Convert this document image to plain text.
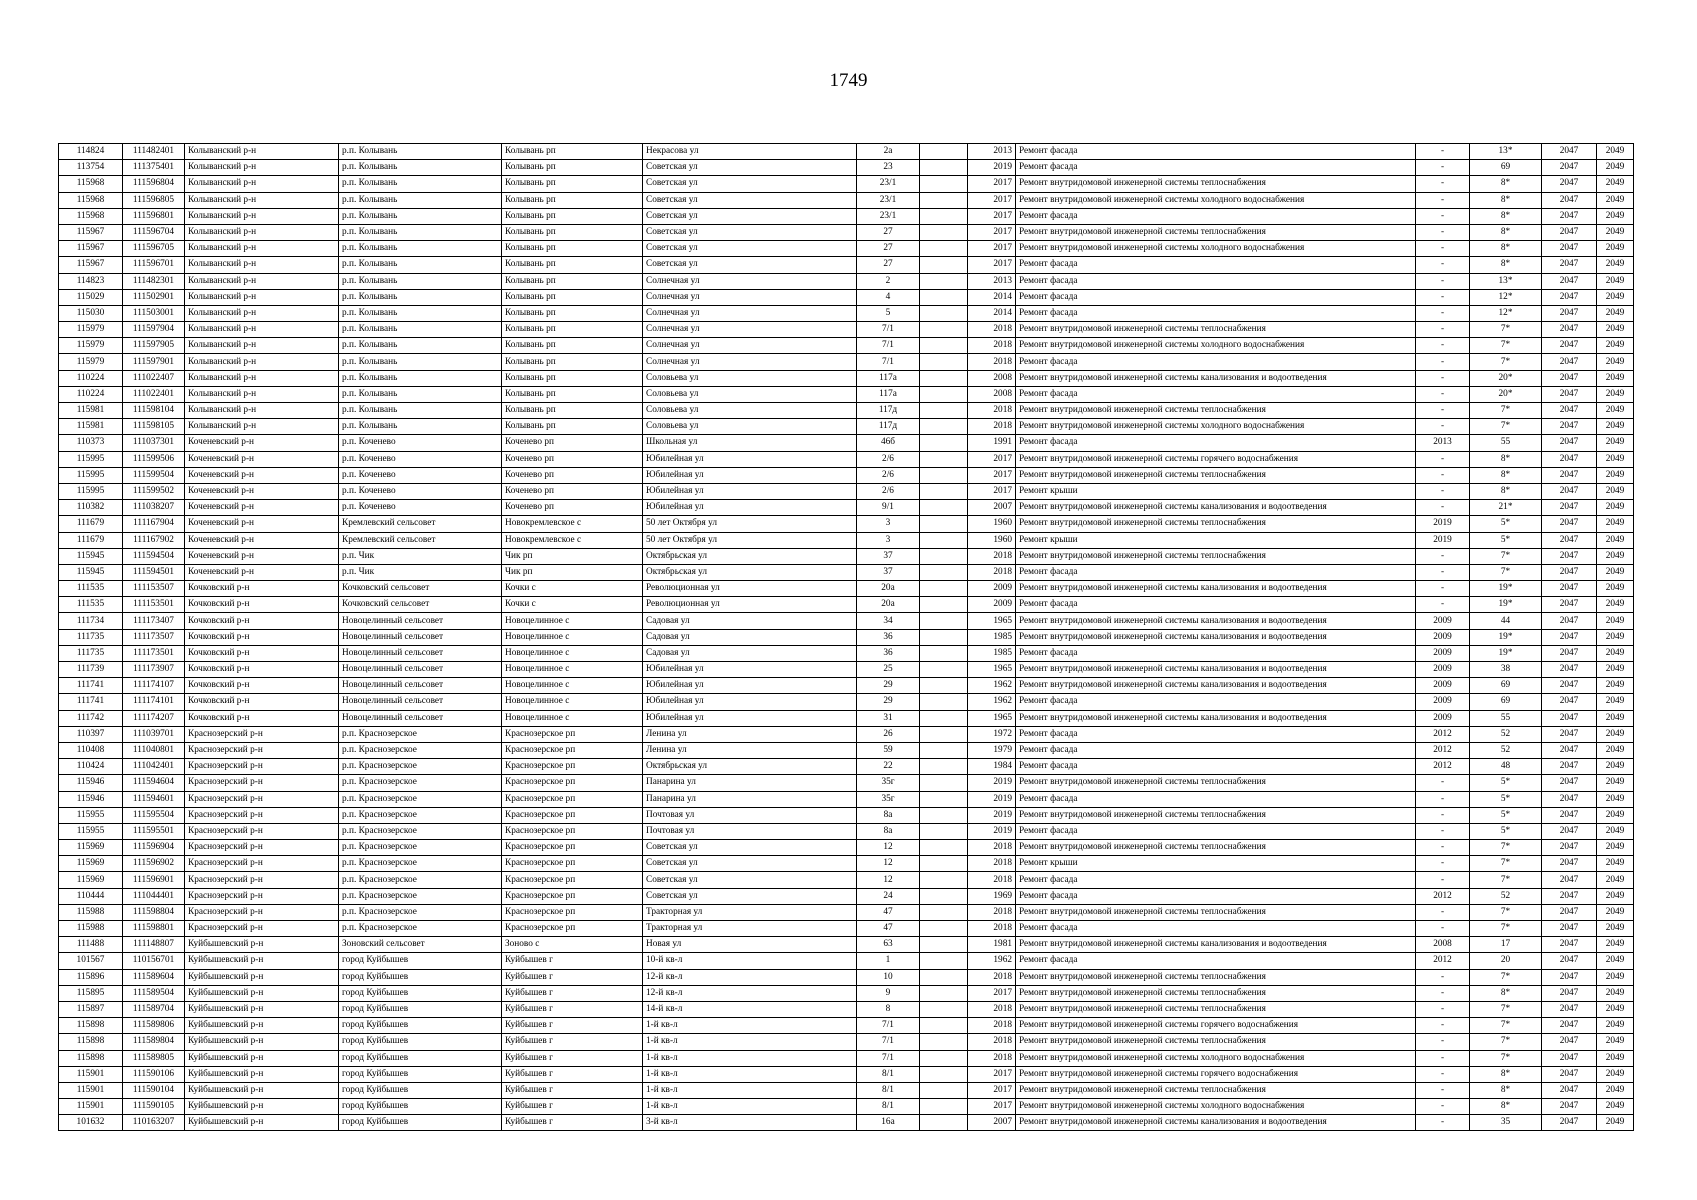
1749
114824	111482401	Колыванский р-н	р.п. Колывань	Колывань рп	Некрасова ул	2а		2013	Ремонт фасада	-	13*	2047	2049
113754	111375401	Колыванский р-н	р.п. Колывань	Колывань рп	Советская ул	23		2019	Ремонт фасада	-	69	2047	2049
115968	111596804	Колыванский р-н	р.п. Колывань	Колывань рп	Советская ул	23/1		2017	Ремонт внутридомовой инженерной системы теплоснабжения	-	8*	2047	2049
115968	111596805	Колыванский р-н	р.п. Колывань	Колывань рп	Советская ул	23/1		2017	Ремонт внутридомовой инженерной системы холодного водоснабжения	-	8*	2047	2049
115968	111596801	Колыванский р-н	р.п. Колывань	Колывань рп	Советская ул	23/1		2017	Ремонт фасада	-	8*	2047	2049
115967	111596704	Колыванский р-н	р.п. Колывань	Колывань рп	Советская ул	27		2017	Ремонт внутридомовой инженерной системы теплоснабжения	-	8*	2047	2049
115967	111596705	Колыванский р-н	р.п. Колывань	Колывань рп	Советская ул	27		2017	Ремонт внутридомовой инженерной системы холодного водоснабжения	-	8*	2047	2049
115967	111596701	Колыванский р-н	р.п. Колывань	Колывань рп	Советская ул	27		2017	Ремонт фасада	-	8*	2047	2049
114823	111482301	Колыванский р-н	р.п. Колывань	Колывань рп	Солнечная ул	2		2013	Ремонт фасада	-	13*	2047	2049
115029	111502901	Колыванский р-н	р.п. Колывань	Колывань рп	Солнечная ул	4		2014	Ремонт фасада	-	12*	2047	2049
115030	111503001	Колыванский р-н	р.п. Колывань	Колывань рп	Солнечная ул	5		2014	Ремонт фасада	-	12*	2047	2049
115979	111597904	Колыванский р-н	р.п. Колывань	Колывань рп	Солнечная ул	7/1		2018	Ремонт внутридомовой инженерной системы теплоснабжения	-	7*	2047	2049
115979	111597905	Колыванский р-н	р.п. Колывань	Колывань рп	Солнечная ул	7/1		2018	Ремонт внутридомовой инженерной системы холодного водоснабжения	-	7*	2047	2049
115979	111597901	Колыванский р-н	р.п. Колывань	Колывань рп	Солнечная ул	7/1		2018	Ремонт фасада	-	7*	2047	2049
110224	111022407	Колыванский р-н	р.п. Колывань	Колывань рп	Соловьева ул	117а		2008	Ремонт внутридомовой инженерной системы канализования и водоотведения	-	20*	2047	2049
110224	111022401	Колыванский р-н	р.п. Колывань	Колывань рп	Соловьева ул	117а		2008	Ремонт фасада	-	20*	2047	2049
115981	111598104	Колыванский р-н	р.п. Колывань	Колывань рп	Соловьева ул	117д		2018	Ремонт внутридомовой инженерной системы теплоснабжения	-	7*	2047	2049
115981	111598105	Колыванский р-н	р.п. Колывань	Колывань рп	Соловьева ул	117д		2018	Ремонт внутридомовой инженерной системы холодного водоснабжения	-	7*	2047	2049
110373	111037301	Коченевский р-н	р.п. Коченево	Коченево рп	Школьная ул	46б		1991	Ремонт фасада	2013	55	2047	2049
115995	111599506	Коченевский р-н	р.п. Коченево	Коченево рп	Юбилейная ул	2/6		2017	Ремонт внутридомовой инженерной системы горячего водоснабжения	-	8*	2047	2049
115995	111599504	Коченевский р-н	р.п. Коченево	Коченево рп	Юбилейная ул	2/6		2017	Ремонт внутридомовой инженерной системы теплоснабжения	-	8*	2047	2049
115995	111599502	Коченевский р-н	р.п. Коченево	Коченево рп	Юбилейная ул	2/6		2017	Ремонт крыши	-	8*	2047	2049
110382	111038207	Коченевский р-н	р.п. Коченево	Коченево рп	Юбилейная ул	9/1		2007	Ремонт внутридомовой инженерной системы канализования и водоотведения	-	21*	2047	2049
111679	111167904	Коченевский р-н	Кремлевский сельсовет	Новокремлевское с	50 лет Октября ул	3		1960	Ремонт внутридомовой инженерной системы теплоснабжения	2019	5*	2047	2049
111679	111167902	Коченевский р-н	Кремлевский сельсовет	Новокремлевское с	50 лет Октября ул	3		1960	Ремонт крыши	2019	5*	2047	2049
115945	111594504	Коченевский р-н	р.п. Чик	Чик рп	Октябрьская ул	37		2018	Ремонт внутридомовой инженерной системы теплоснабжения	-	7*	2047	2049
115945	111594501	Коченевский р-н	р.п. Чик	Чик рп	Октябрьская ул	37		2018	Ремонт фасада	-	7*	2047	2049
111535	111153507	Кочковский р-н	Кочковский сельсовет	Кочки с	Революционная ул	20а		2009	Ремонт внутридомовой инженерной системы канализования и водоотведения	-	19*	2047	2049
111535	111153501	Кочковский р-н	Кочковский сельсовет	Кочки с	Революционная ул	20а		2009	Ремонт фасада	-	19*	2047	2049
111734	111173407	Кочковский р-н	Новоцелинный сельсовет	Новоцелинное с	Садовая ул	34		1965	Ремонт внутридомовой инженерной системы канализования и водоотведения	2009	44	2047	2049
111735	111173507	Кочковский р-н	Новоцелинный сельсовет	Новоцелинное с	Садовая ул	36		1985	Ремонт внутридомовой инженерной системы канализования и водоотведения	2009	19*	2047	2049
111735	111173501	Кочковский р-н	Новоцелинный сельсовет	Новоцелинное с	Садовая ул	36		1985	Ремонт фасада	2009	19*	2047	2049
111739	111173907	Кочковский р-н	Новоцелинный сельсовет	Новоцелинное с	Юбилейная ул	25		1965	Ремонт внутридомовой инженерной системы канализования и водоотведения	2009	38	2047	2049
111741	111174107	Кочковский р-н	Новоцелинный сельсовет	Новоцелинное с	Юбилейная ул	29		1962	Ремонт внутридомовой инженерной системы канализования и водоотведения	2009	69	2047	2049
111741	111174101	Кочковский р-н	Новоцелинный сельсовет	Новоцелинное с	Юбилейная ул	29		1962	Ремонт фасада	2009	69	2047	2049
111742	111174207	Кочковский р-н	Новоцелинный сельсовет	Новоцелинное с	Юбилейная ул	31		1965	Ремонт внутридомовой инженерной системы канализования и водоотведения	2009	55	2047	2049
110397	111039701	Краснозерский р-н	р.п. Краснозерское	Краснозерское рп	Ленина ул	26		1972	Ремонт фасада	2012	52	2047	2049
110408	111040801	Краснозерский р-н	р.п. Краснозерское	Краснозерское рп	Ленина ул	59		1979	Ремонт фасада	2012	52	2047	2049
110424	111042401	Краснозерский р-н	р.п. Краснозерское	Краснозерское рп	Октябрьская ул	22		1984	Ремонт фасада	2012	48	2047	2049
115946	111594604	Краснозерский р-н	р.п. Краснозерское	Краснозерское рп	Панарина ул	35г		2019	Ремонт внутридомовой инженерной системы теплоснабжения	-	5*	2047	2049
115946	111594601	Краснозерский р-н	р.п. Краснозерское	Краснозерское рп	Панарина ул	35г		2019	Ремонт фасада	-	5*	2047	2049
115955	111595504	Краснозерский р-н	р.п. Краснозерское	Краснозерское рп	Почтовая ул	8а		2019	Ремонт внутридомовой инженерной системы теплоснабжения	-	5*	2047	2049
115955	111595501	Краснозерский р-н	р.п. Краснозерское	Краснозерское рп	Почтовая ул	8а		2019	Ремонт фасада	-	5*	2047	2049
115969	111596904	Краснозерский р-н	р.п. Краснозерское	Краснозерское рп	Советская ул	12		2018	Ремонт внутридомовой инженерной системы теплоснабжения	-	7*	2047	2049
115969	111596902	Краснозерский р-н	р.п. Краснозерское	Краснозерское рп	Советская ул	12		2018	Ремонт крыши	-	7*	2047	2049
115969	111596901	Краснозерский р-н	р.п. Краснозерское	Краснозерское рп	Советская ул	12		2018	Ремонт фасада	-	7*	2047	2049
110444	111044401	Краснозерский р-н	р.п. Краснозерское	Краснозерское рп	Советская ул	24		1969	Ремонт фасада	2012	52	2047	2049
115988	111598804	Краснозерский р-н	р.п. Краснозерское	Краснозерское рп	Тракторная ул	47		2018	Ремонт внутридомовой инженерной системы теплоснабжения	-	7*	2047	2049
115988	111598801	Краснозерский р-н	р.п. Краснозерское	Краснозерское рп	Тракторная ул	47		2018	Ремонт фасада	-	7*	2047	2049
111488	111148807	Куйбышевский р-н	Зоновский сельсовет	Зоново с	Новая ул	63		1981	Ремонт внутридомовой инженерной системы канализования и водоотведения	2008	17	2047	2049
101567	110156701	Куйбышевский р-н	город Куйбышев	Куйбышев г	10-й кв-л	1		1962	Ремонт фасада	2012	20	2047	2049
115896	111589604	Куйбышевский р-н	город Куйбышев	Куйбышев г	12-й кв-л	10		2018	Ремонт внутридомовой инженерной системы теплоснабжения	-	7*	2047	2049
115895	111589504	Куйбышевский р-н	город Куйбышев	Куйбышев г	12-й кв-л	9		2017	Ремонт внутридомовой инженерной системы теплоснабжения	-	8*	2047	2049
115897	111589704	Куйбышевский р-н	город Куйбышев	Куйбышев г	14-й кв-л	8		2018	Ремонт внутридомовой инженерной системы теплоснабжения	-	7*	2047	2049
115898	111589806	Куйбышевский р-н	город Куйбышев	Куйбышев г	1-й кв-л	7/1		2018	Ремонт внутридомовой инженерной системы горячего водоснабжения	-	7*	2047	2049
115898	111589804	Куйбышевский р-н	город Куйбышев	Куйбышев г	1-й кв-л	7/1		2018	Ремонт внутридомовой инженерной системы теплоснабжения	-	7*	2047	2049
115898	111589805	Куйбышевский р-н	город Куйбышев	Куйбышев г	1-й кв-л	7/1		2018	Ремонт внутридомовой инженерной системы холодного водоснабжения	-	7*	2047	2049
115901	111590106	Куйбышевский р-н	город Куйбышев	Куйбышев г	1-й кв-л	8/1		2017	Ремонт внутридомовой инженерной системы горячего водоснабжения	-	8*	2047	2049
115901	111590104	Куйбышевский р-н	город Куйбышев	Куйбышев г	1-й кв-л	8/1		2017	Ремонт внутридомовой инженерной системы теплоснабжения	-	8*	2047	2049
115901	111590105	Куйбышевский р-н	город Куйбышев	Куйбышев г	1-й кв-л	8/1		2017	Ремонт внутридомовой инженерной системы холодного водоснабжения	-	8*	2047	2049
101632	110163207	Куйбышевский р-н	город Куйбышев	Куйбышев г	3-й кв-л	16а		2007	Ремонт внутридомовой инженерной системы канализования и водоотведения	-	35	2047	2049
